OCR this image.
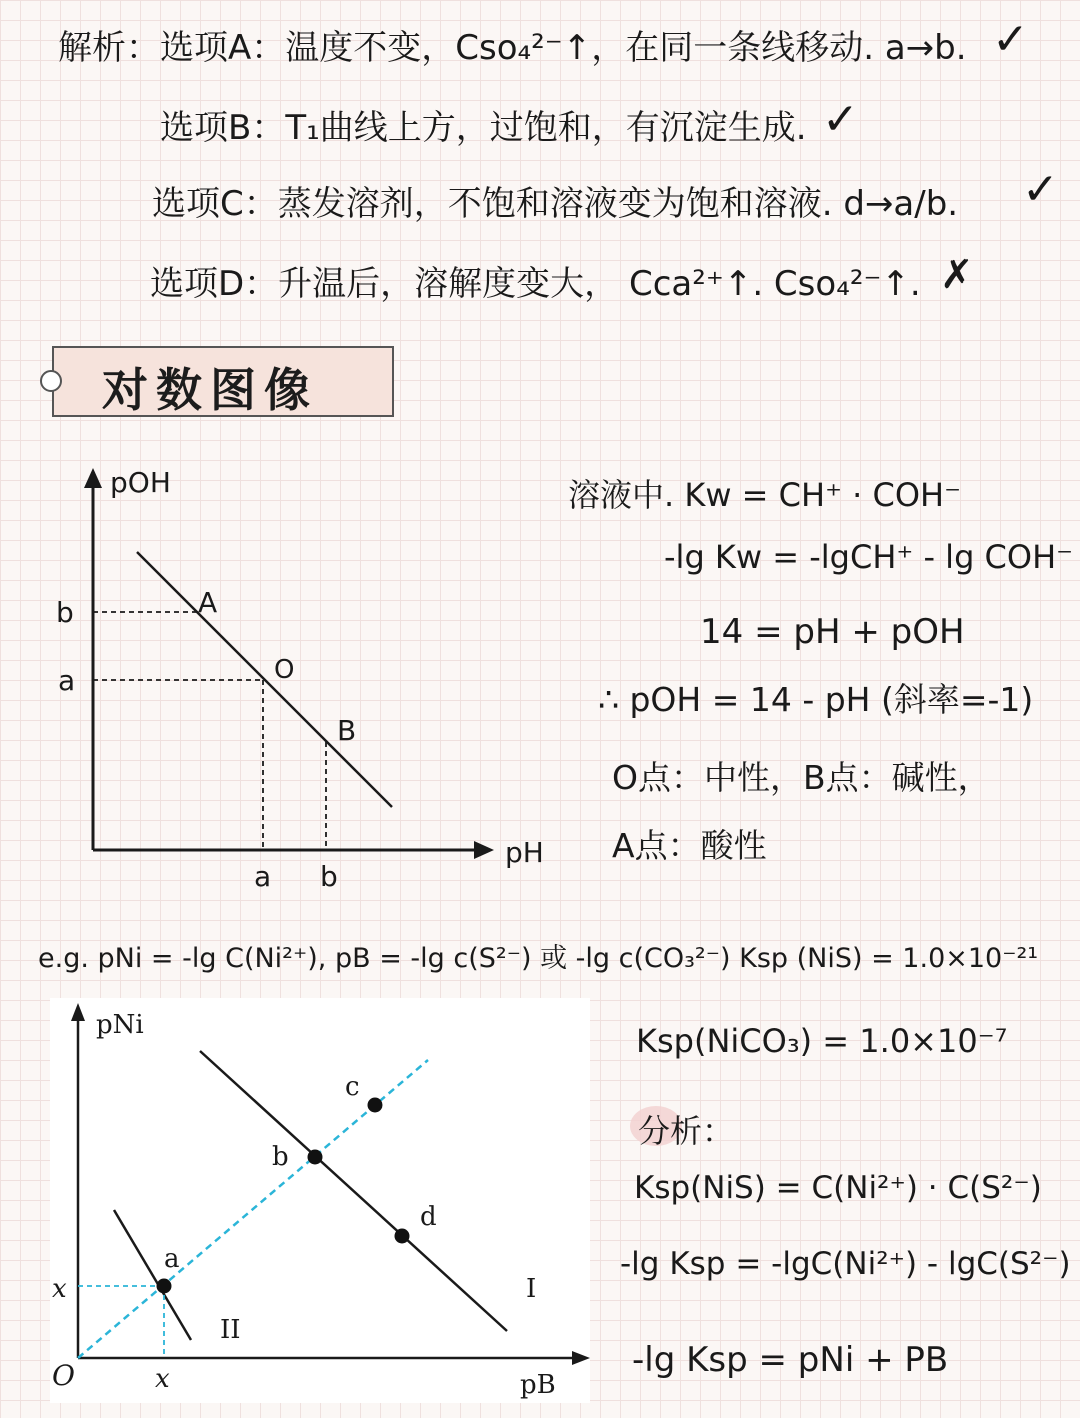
解析：选项A：温度不变，Csо₄²⁻↑，在同一条线移动. a→b. ✓
选项B：T₁曲线上方，过饱和，有沉淀生成. ✓
选项C：蒸发溶剂，不饱和溶液变为饱和溶液. d→a/b. ✓
选项D：升温后，溶解度变大， Cca²⁺↑. Csо₄²⁻↑. ✗
对数图像
pOH
pH
b
a
a b
A
O
B
溶液中. Kw = CH⁺ · COH⁻
-lg Kw = -lgCH⁺ - lg COH⁻
14 = pH + pOH
∴ pOH = 14 - pH (斜率=-1)
O点：中性，B点：碱性，
A点：酸性
e.g. pNi = -lg C(Ni²⁺), pB = -lg c(S²⁻) 或 -lg c(CO₃²⁻) Ksp (NiS) = 1.0×10⁻²¹
Ksp(NiCO₃) = 1.0×10⁻⁷
pNi
pB
O	x
x
a
b
c
d
I
II
分析：
Ksp(NiS) = C(Ni²⁺) · C(S²⁻)
-lg Ksp = -lgC(Ni²⁺) - lgC(S²⁻)
-lg Ksp = pNi + PB
